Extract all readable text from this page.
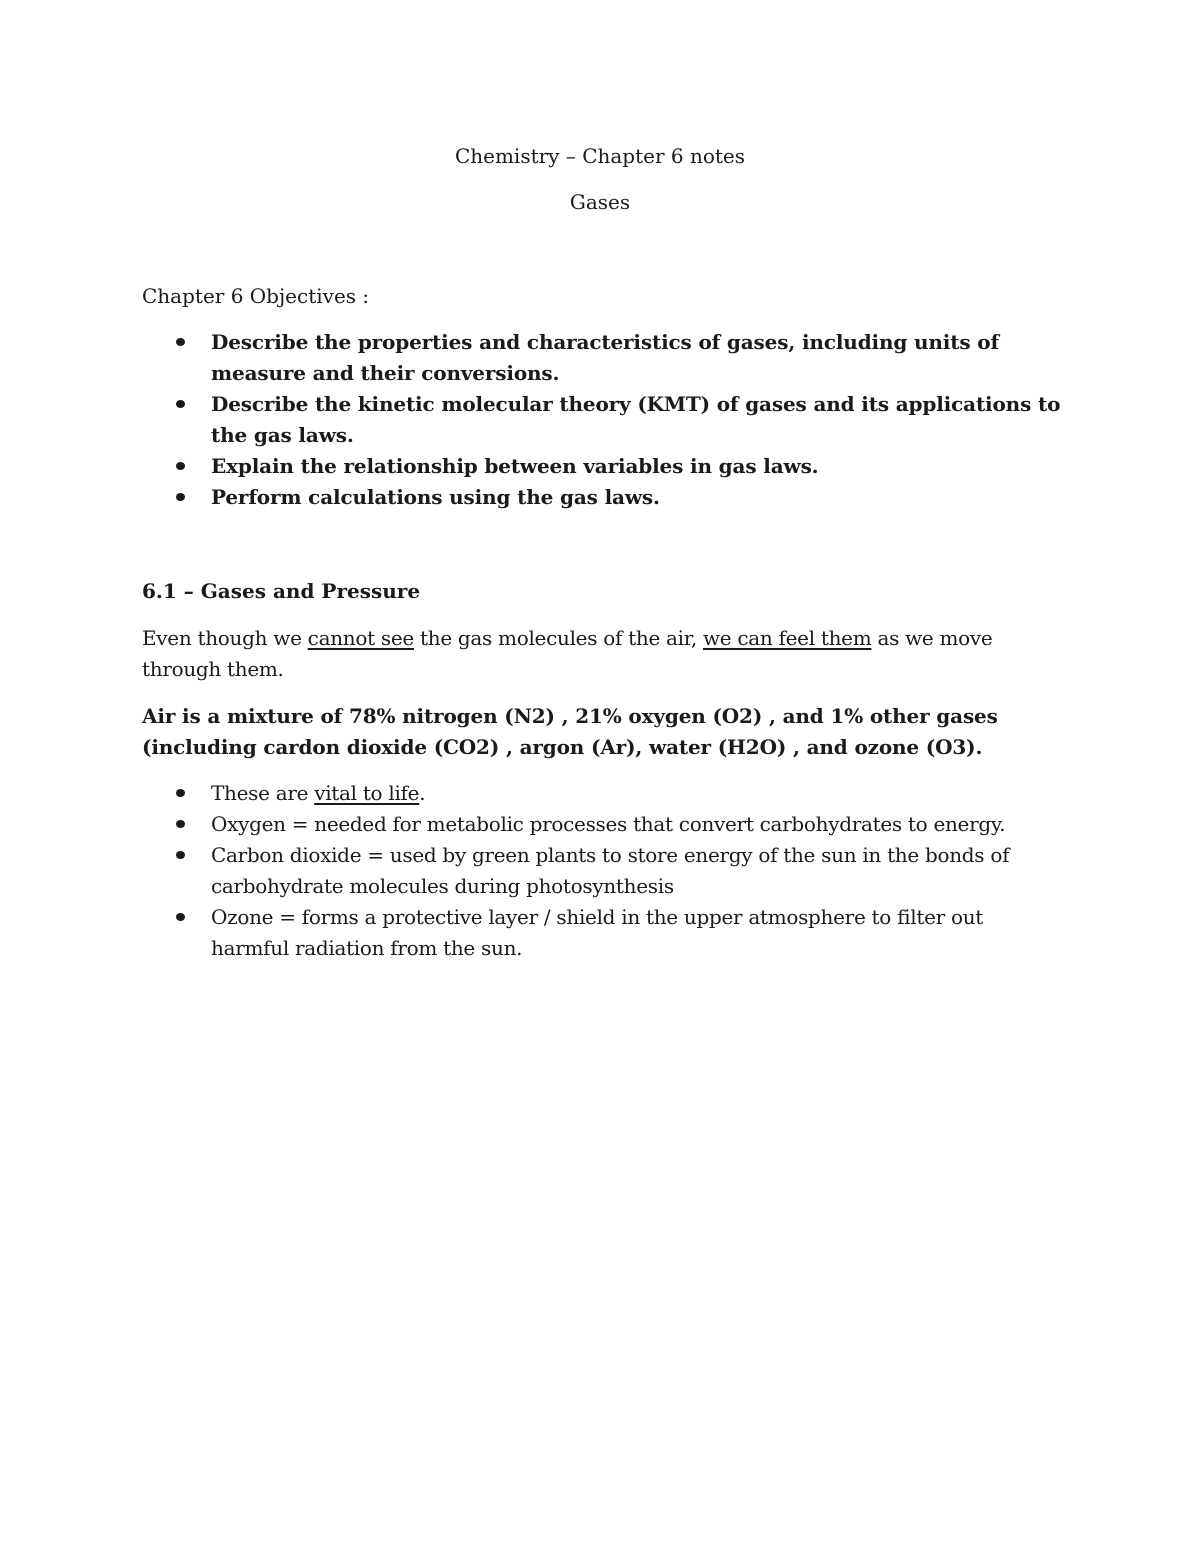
Chemistry – Chapter 6 notes
Gases
Chapter 6 Objectives :
Describe the properties and characteristics of gases, including units of measure and their conversions.
Describe the kinetic molecular theory (KMT) of gases and its applications to the gas laws.
Explain the relationship between variables in gas laws.
Perform calculations using the gas laws.
6.1 – Gases and Pressure

Even though we cannot see the gas molecules of the air, we can feel them as we move through them.

Air is a mixture of 78% nitrogen (N2) , 21% oxygen (O2) , and 1% other gases (including cardon dioxide (CO2) , argon (Ar), water (H2O) , and ozone (O3).

These are vital to life.
Oxygen = needed for metabolic processes that convert carbohydrates to energy.
Carbon dioxide = used by green plants to store energy of the sun in the bonds of carbohydrate molecules during photosynthesis
Ozone = forms a protective layer / shield in the upper atmosphere to filter out harmful radiation from the sun.
